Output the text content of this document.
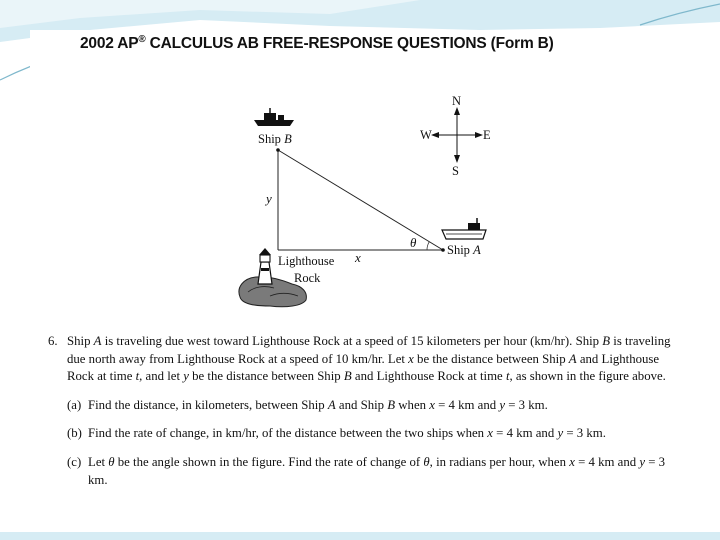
2002 AP® CALCULUS AB FREE-RESPONSE QUESTIONS (Form B)
Ship B
y
x
θ Ship A
N
S
W	E
Lighthouse
Rock
6. Ship A is traveling due west toward Lighthouse Rock at a speed of 15 kilometers per hour (km/hr). Ship B is traveling due north away from Lighthouse Rock at a speed of 10 km/hr. Let x be the distance between Ship A and Lighthouse Rock at time t, and let y be the distance between Ship B and Lighthouse Rock at time t, as shown in the figure above.
(a) Find the distance, in kilometers, between Ship A and Ship B when x = 4 km and y = 3 km.
(b) Find the rate of change, in km/hr, of the distance between the two ships when x = 4 km and y = 3 km.
(c) Let θ be the angle shown in the figure. Find the rate of change of θ, in radians per hour, when x = 4 km and y = 3 km.
